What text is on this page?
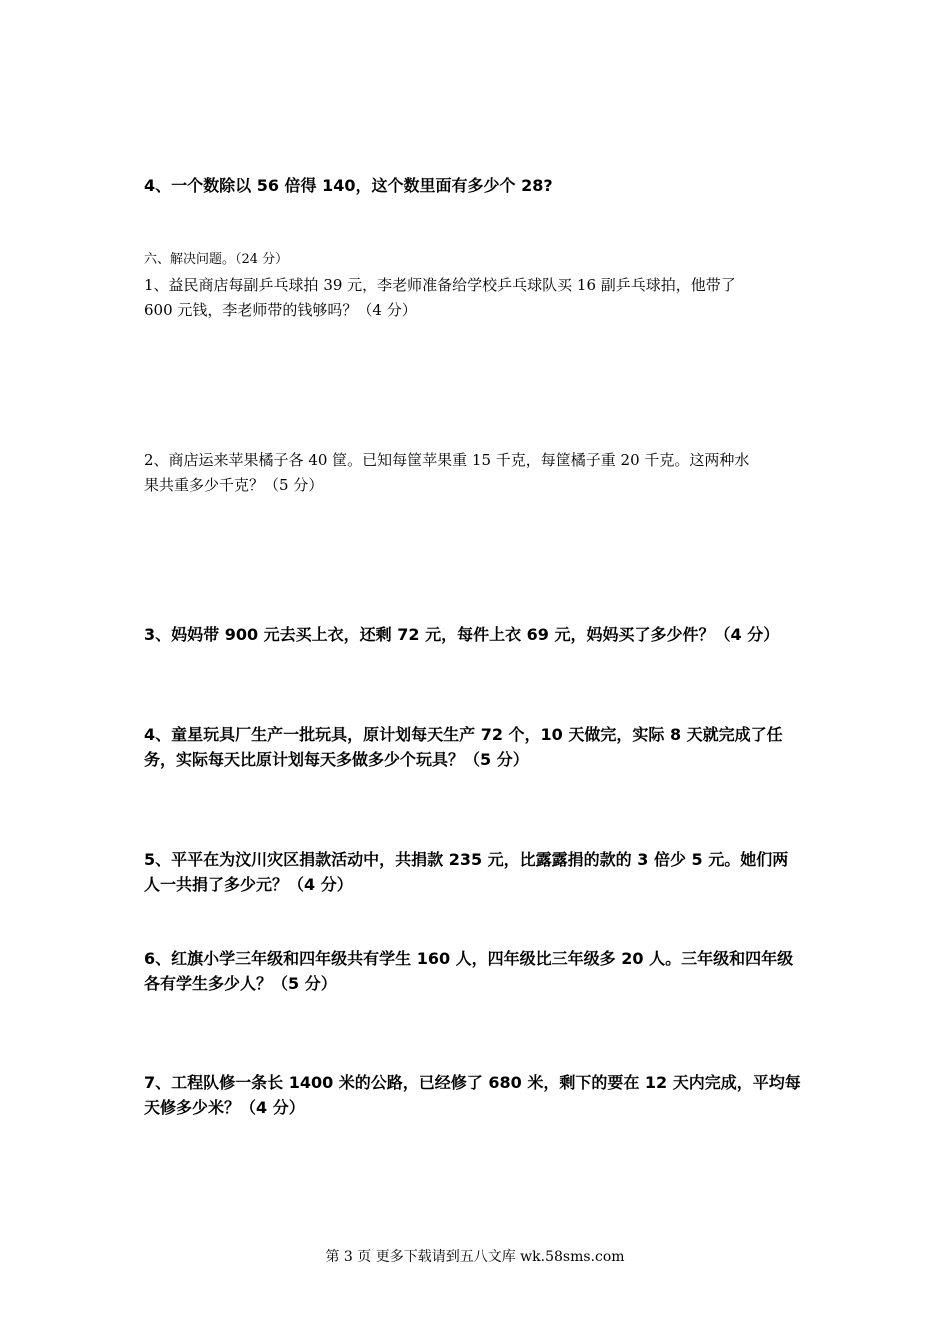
4、一个数除以 56 倍得 140，这个数里面有多少个 28?
六、解决问题。（24 分）
1、益民商店每副乒乓球拍 39 元，李老师准备给学校乒乓球队买 16 副乒乓球拍，他带了
600 元钱，李老师带的钱够吗？（4 分）
2、商店运来苹果橘子各 40 筐。已知每筐苹果重 15 千克，每筐橘子重 20 千克。这两种水
果共重多少千克？（5 分）
3、妈妈带 900 元去买上衣，还剩 72 元，每件上衣 69 元，妈妈买了多少件？（4 分）
4、童星玩具厂生产一批玩具，原计划每天生产 72 个，10 天做完，实际 8 天就完成了任
务，实际每天比原计划每天多做多少个玩具？（5 分）
5、平平在为汶川灾区捐款活动中，共捐款 235 元，比露露捐的款的 3 倍少 5 元。她们两
人一共捐了多少元？（4 分）
6、红旗小学三年级和四年级共有学生 160 人，四年级比三年级多 20 人。三年级和四年级
各有学生多少人？（5 分）
7、工程队修一条长 1400 米的公路，已经修了 680 米，剩下的要在 12 天内完成，平均每
天修多少米？（4 分）
第 3 页 更多下载请到五八文库 wk.58sms.com
